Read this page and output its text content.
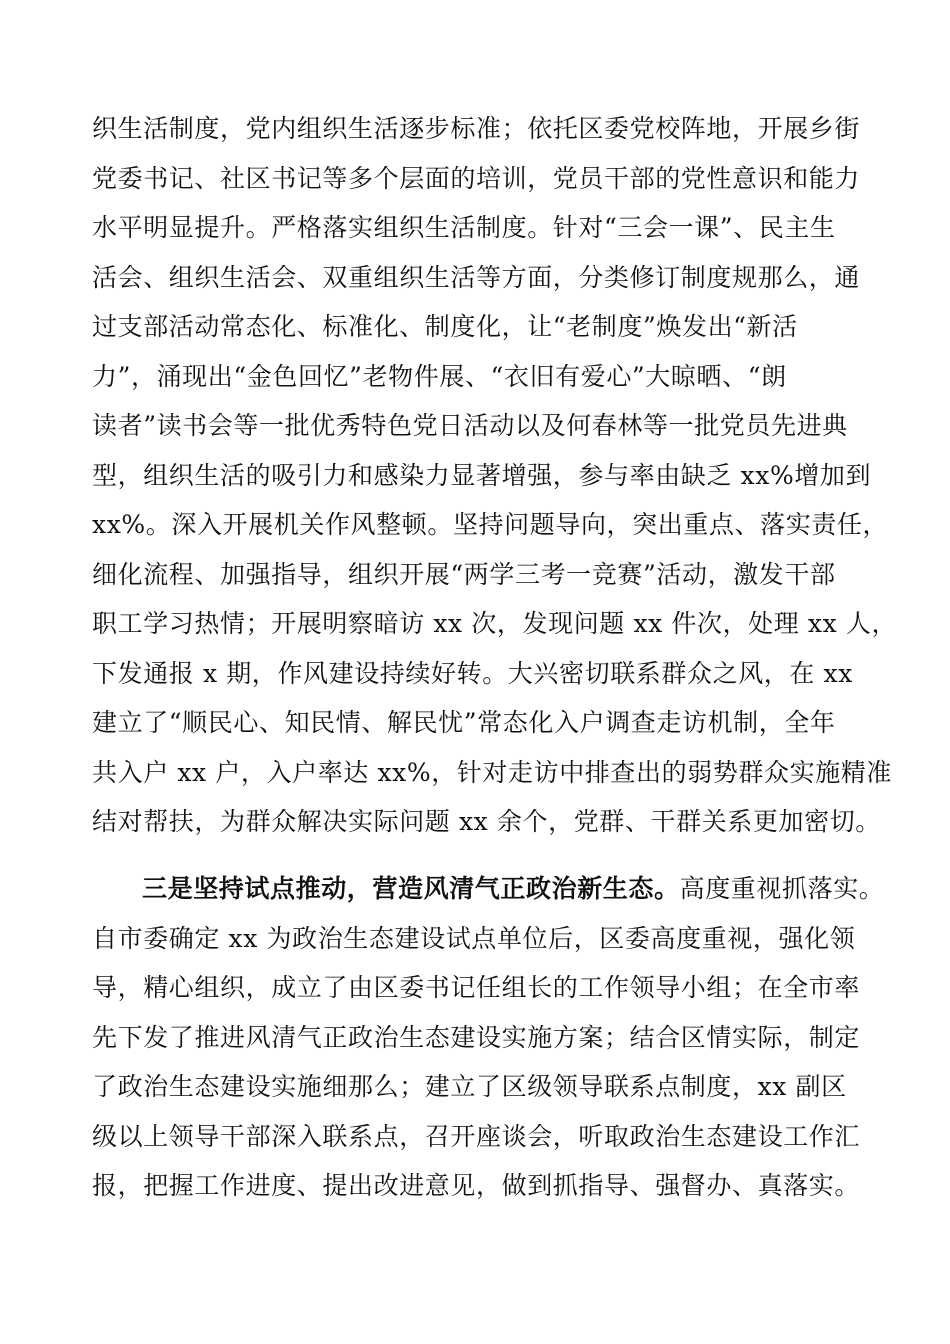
织生活制度，党内组织生活逐步标准；依托区委党校阵地，开展乡街
党委书记、社区书记等多个层面的培训，党员干部的党性意识和能力
水平明显提升。严格落实组织生活制度。针对“三会一课”、民主生
活会、组织生活会、双重组织生活等方面，分类修订制度规那么，通
过支部活动常态化、标准化、制度化，让“老制度”焕发出“新活
力”，涌现出“金色回忆”老物件展、“衣旧有爱心”大晾晒、“朗
读者”读书会等一批优秀特色党日活动以及何春林等一批党员先进典
型，组织生活的吸引力和感染力显著增强，参与率由缺乏 xx%增加到
xx%。深入开展机关作风整顿。坚持问题导向，突出重点、落实责任，
细化流程、加强指导，组织开展“两学三考一竞赛”活动，激发干部
职工学习热情；开展明察暗访 xx 次，发现问题 xx 件次，处理 xx 人，
下发通报 x 期，作风建设持续好转。大兴密切联系群众之风，在 xx
建立了“顺民心、知民情、解民忧”常态化入户调查走访机制，全年
共入户 xx 户，入户率达 xx%，针对走访中排查出的弱势群众实施精准
结对帮扶，为群众解决实际问题 xx 余个，党群、干群关系更加密切。
三是坚持试点推动，营造风清气正政治新生态。高度重视抓落实。
自市委确定 xx 为政治生态建设试点单位后，区委高度重视，强化领
导，精心组织，成立了由区委书记任组长的工作领导小组；在全市率
先下发了推进风清气正政治生态建设实施方案；结合区情实际，制定
了政治生态建设实施细那么；建立了区级领导联系点制度，xx 副区
级以上领导干部深入联系点，召开座谈会，听取政治生态建设工作汇
报，把握工作进度、提出改进意见，做到抓指导、强督办、真落实。
